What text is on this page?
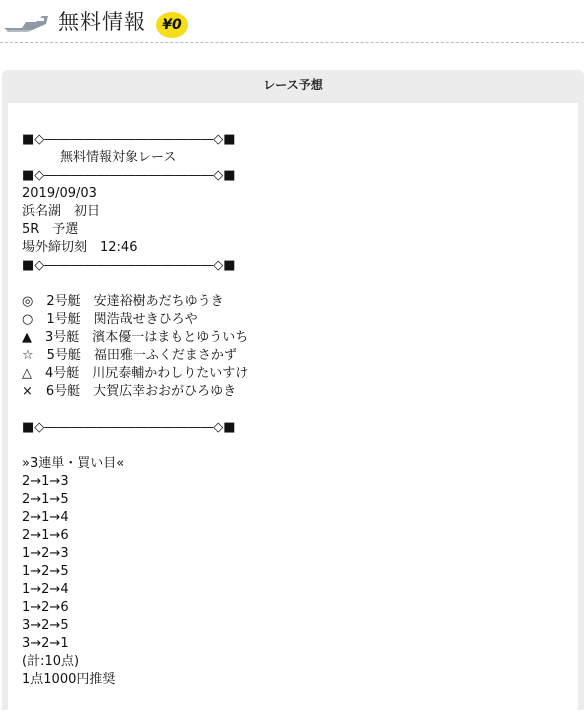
無料情報	¥0
レース予想
■◇―――――――――――――◇■
無料情報対象レース
■◇―――――――――――――◇■
2019/09/03
浜名湖　初日
5R　予選
場外締切刻　12:46
■◇―――――――――――――◇■
◎　2号艇　安達裕樹あだちゆうき
○　1号艇　関浩哉せきひろや
▲　3号艇　濱本優一はまもとゆういち
☆　5号艇　福田雅一ふくだまさかず
△　4号艇　川尻泰輔かわしりたいすけ
×　6号艇　大賀広幸おおがひろゆき
■◇―――――――――――――◇■
»3連単・買い目«
2→1→3
2→1→5
2→1→4
2→1→6
1→2→3
1→2→5
1→2→4
1→2→6
3→2→5
3→2→1
(計:10点)
1点1000円推奨
